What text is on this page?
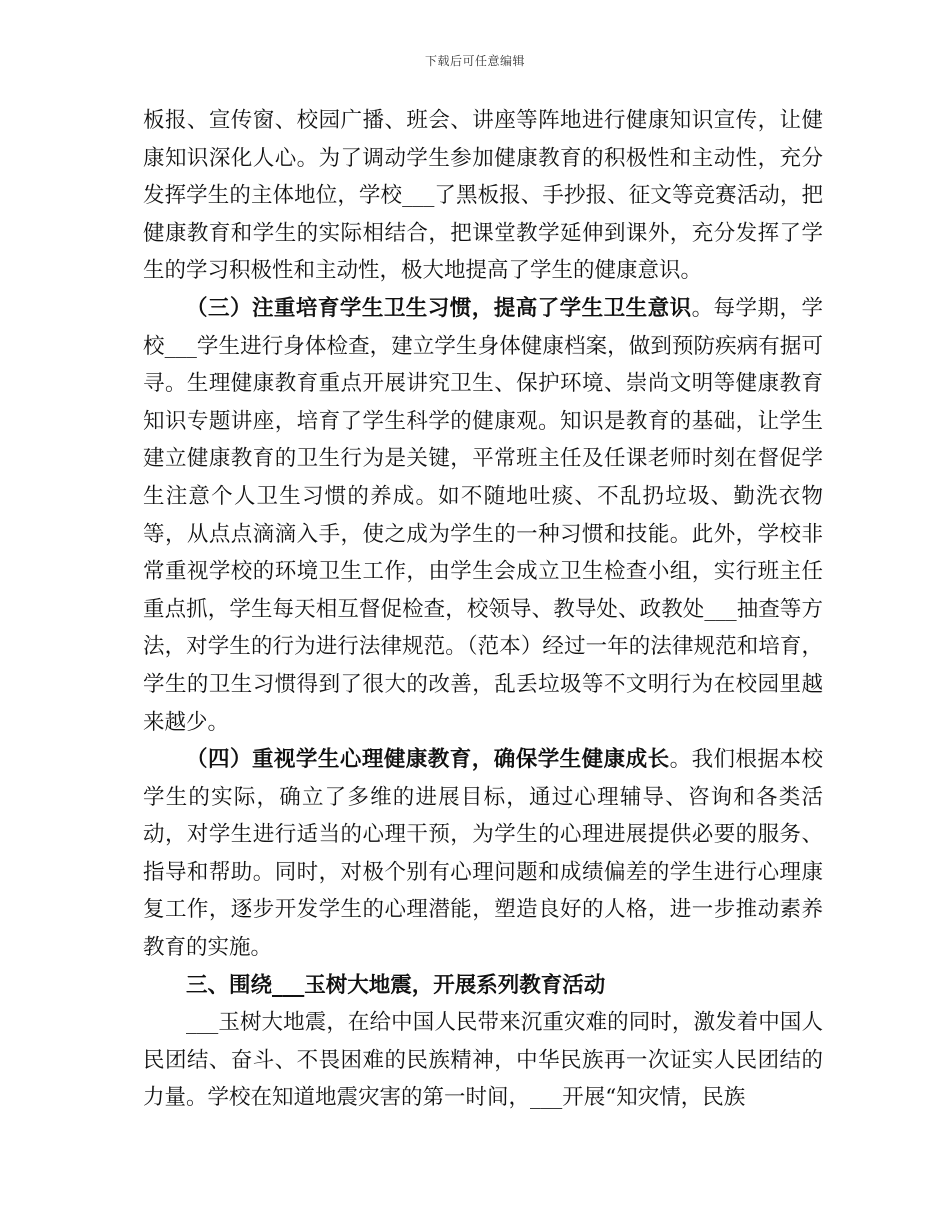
下载后可任意编辑

板报、宣传窗、校园广播、班会、讲座等阵地进行健康知识宣传，让健康知识深化人心。为了调动学生参加健康教育的积极性和主动性，充分发挥学生的主体地位，学校___了黑板报、手抄报、征文等竞赛活动，把健康教育和学生的实际相结合，把课堂教学延伸到课外，充分发挥了学生的学习积极性和主动性，极大地提高了学生的健康意识。

（三）注重培育学生卫生习惯，提高了学生卫生意识。每学期，学校___学生进行身体检查，建立学生身体健康档案，做到预防疾病有据可寻。生理健康教育重点开展讲究卫生、保护环境、崇尚文明等健康教育知识专题讲座，培育了学生科学的健康观。知识是教育的基础，让学生建立健康教育的卫生行为是关键，平常班主任及任课老师时刻在督促学生注意个人卫生习惯的养成。如不随地吐痰、不乱扔垃圾、勤洗衣物等，从点点滴滴入手，使之成为学生的一种习惯和技能。此外，学校非常重视学校的环境卫生工作，由学生会成立卫生检查小组，实行班主任重点抓，学生每天相互督促检查，校领导、教导处、政教处___抽查等方法，对学生的行为进行法律规范。（范本）经过一年的法律规范和培育，学生的卫生习惯得到了很大的改善，乱丢垃圾等不文明行为在校园里越来越少。

（四）重视学生心理健康教育，确保学生健康成长。我们根据本校学生的实际，确立了多维的进展目标，通过心理辅导、咨询和各类活动，对学生进行适当的心理干预，为学生的心理进展提供必要的服务、指导和帮助。同时，对极个别有心理问题和成绩偏差的学生进行心理康复工作，逐步开发学生的心理潜能，塑造良好的人格，进一步推动素养教育的实施。

三、围绕___玉树大地震，开展系列教育活动

___玉树大地震，在给中国人民带来沉重灾难的同时，激发着中国人民团结、奋斗、不畏困难的民族精神，中华民族再一次证实人民团结的力量。学校在知道地震灾害的第一时间，___开展“知灾情，民族
